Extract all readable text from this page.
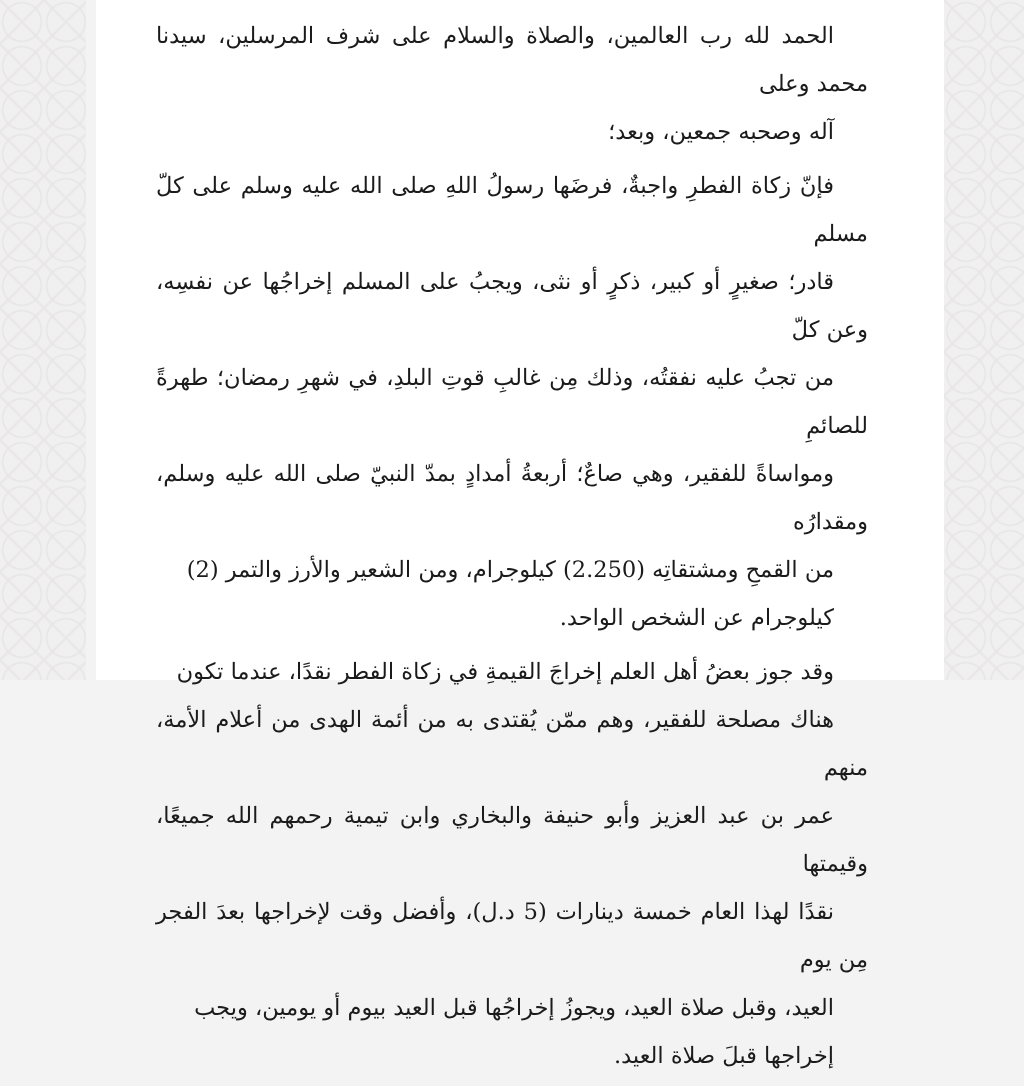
الحمد لله رب العالمين، والصلاة والسلام على شرف المرسلين، سيدنا محمد وعلى
آله وصحبه جمعين، وبعد؛

فإنّ زكاة الفطرِ واجبةٌ، فرضَها رسولُ اللهِ صلى الله عليه وسلم على كلّ مسلم
قادر؛ صغيرٍ أو كبير، ذكرٍ أو نثى، ويجبُ على المسلم إخراجُها عن نفسِه، وعن كلّ
من تجبُ عليه نفقتُه، وذلك مِن غالبِ قوتِ البلدِ، في شهرِ رمضان؛ طهرةً للصائمِ
ومواساةً للفقير، وهي صاعٌ؛ أربعةُ أمدادٍ بمدّ النبيّ صلى الله عليه وسلم، ومقدارُه
من القمحِ ومشتقاتِه (2.250) كيلوجرام، ومن الشعير والأرز والتمر (2)
كيلوجرام عن الشخص الواحد.

وقد جوز بعضُ أهل العلم إخراجَ القيمةِ في زكاة الفطر نقدًا، عندما تكون
هناك مصلحة للفقير، وهم ممّن يُقتدى به من أئمة الهدى من أعلام الأمة، منهم
عمر بن عبد العزيز وأبو حنيفة والبخاري وابن تيمية رحمهم الله جميعًا، وقيمتها
نقدًا لهذا العام خمسة دينارات (5 د.ل)، وأفضل وقت لإخراجها بعدَ الفجر مِن يوم
العيد، وقبل صلاة العيد، ويجوزُ إخراجُها قبل العيد بيوم أو يومين، ويجب
إخراجها قبلَ صلاة العيد.
